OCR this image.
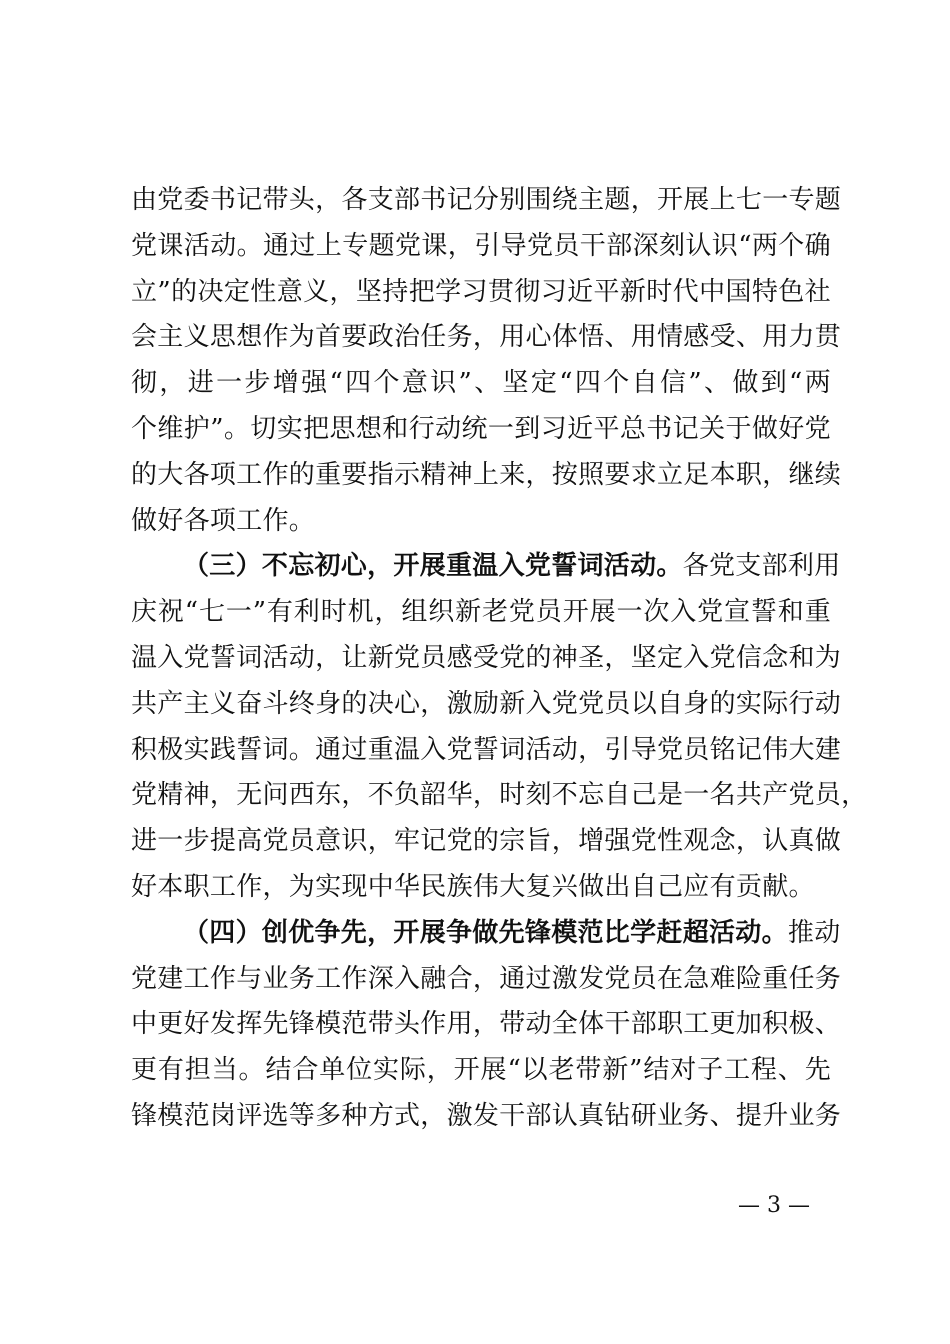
由党委书记带头，各支部书记分别围绕主题，开展上七一专题
党课活动。通过上专题党课，引导党员干部深刻认识“两个确
立”的决定性意义，坚持把学习贯彻习近平新时代中国特色社
会主义思想作为首要政治任务，用心体悟、用情感受、用力贯
彻，进一步增强“四个意识”、坚定“四个自信”、做到“两
个维护”。切实把思想和行动统一到习近平总书记关于做好党
的大各项工作的重要指示精神上来，按照要求立足本职，继续
做好各项工作。
（三）不忘初心，开展重温入党誓词活动。各党支部利用
庆祝“七一”有利时机，组织新老党员开展一次入党宣誓和重
温入党誓词活动，让新党员感受党的神圣，坚定入党信念和为
共产主义奋斗终身的决心，激励新入党党员以自身的实际行动
积极实践誓词。通过重温入党誓词活动，引导党员铭记伟大建
党精神，无问西东，不负韶华，时刻不忘自己是一名共产党员，
进一步提高党员意识，牢记党的宗旨，增强党性观念，认真做
好本职工作，为实现中华民族伟大复兴做出自己应有贡献。
（四）创优争先，开展争做先锋模范比学赶超活动。推动
党建工作与业务工作深入融合，通过激发党员在急难险重任务
中更好发挥先锋模范带头作用，带动全体干部职工更加积极、
更有担当。结合单位实际，开展“以老带新”结对子工程、先
锋模范岗评选等多种方式，激发干部认真钻研业务、提升业务
— 3 —
